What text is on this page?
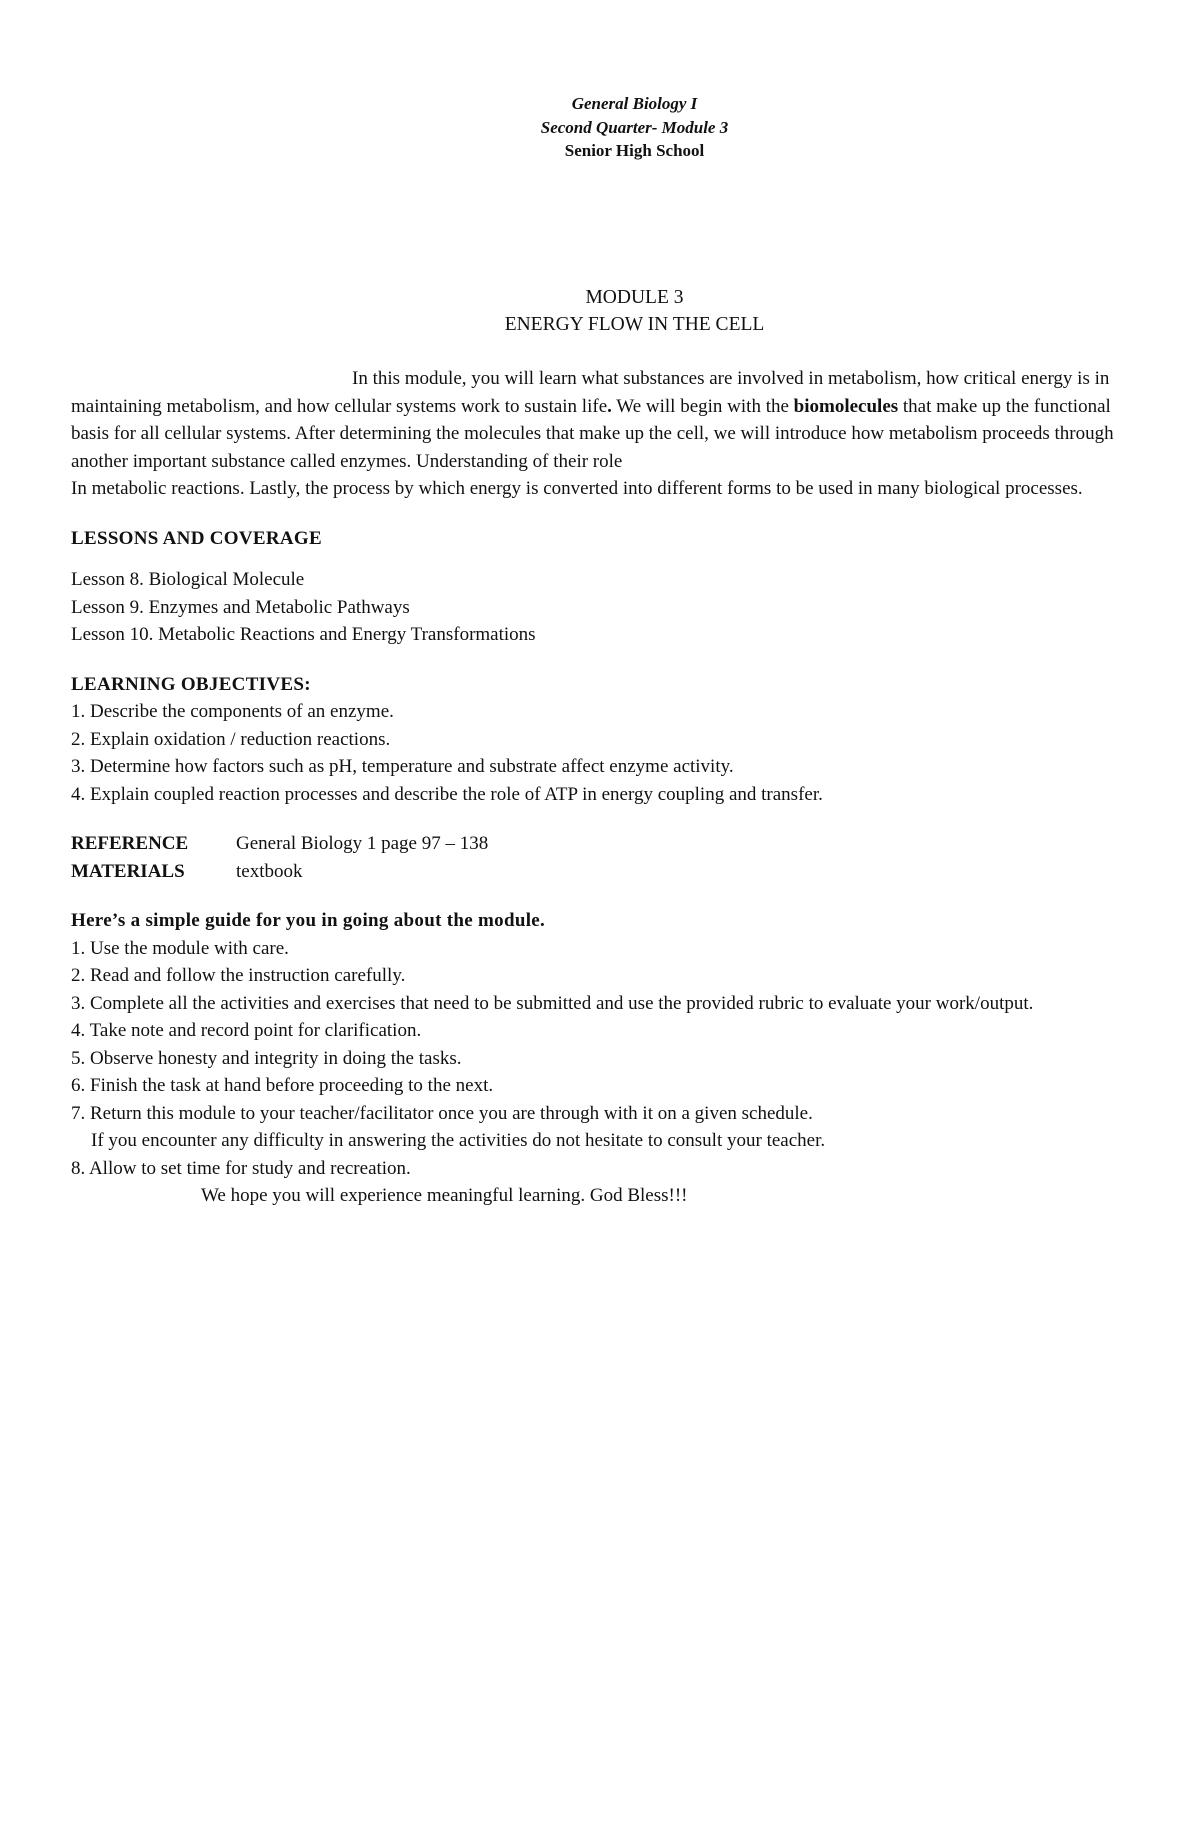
General Biology I
Second Quarter- Module 3
Senior High School
MODULE 3
ENERGY FLOW IN THE CELL

In this module, you will learn what substances are involved in metabolism, how critical energy is in maintaining metabolism, and how cellular systems work to sustain life. We will begin with the biomolecules that make up the functional basis for all cellular systems. After determining the molecules that make up the cell, we will introduce how metabolism proceeds through another important substance called enzymes. Understanding of their role

In metabolic reactions. Lastly, the process by which energy is converted into different forms to be used in many biological processes.

LESSONS AND COVERAGE

Lesson 8. Biological Molecule

Lesson 9. Enzymes and Metabolic Pathways

Lesson 10. Metabolic Reactions and Energy Transformations

LEARNING OBJECTIVES:

1. Describe the components of an enzyme.

2. Explain oxidation / reduction reactions.

3. Determine how factors such as pH, temperature and substrate affect enzyme activity.

4. Explain coupled reaction processes and describe the role of ATP in energy coupling and transfer.

REFERENCE	General Biology 1 page 97 – 138
MATERIALS	textbook

Here’s a simple guide for you in going about the module.

1. Use the module with care.

2. Read and follow the instruction carefully.

3. Complete all the activities and exercises that need to be submitted and use the provided rubric to evaluate your work/output.

4. Take note and record point for clarification.

5. Observe honesty and integrity in doing the tasks.

6. Finish the task at hand before proceeding to the next.

7. Return this module to your teacher/facilitator once you are through with it on a given schedule.

If you encounter any difficulty in answering the activities do not hesitate to consult your teacher.

8. Allow to set time for study and recreation.

We hope you will experience meaningful learning. God Bless!!!
